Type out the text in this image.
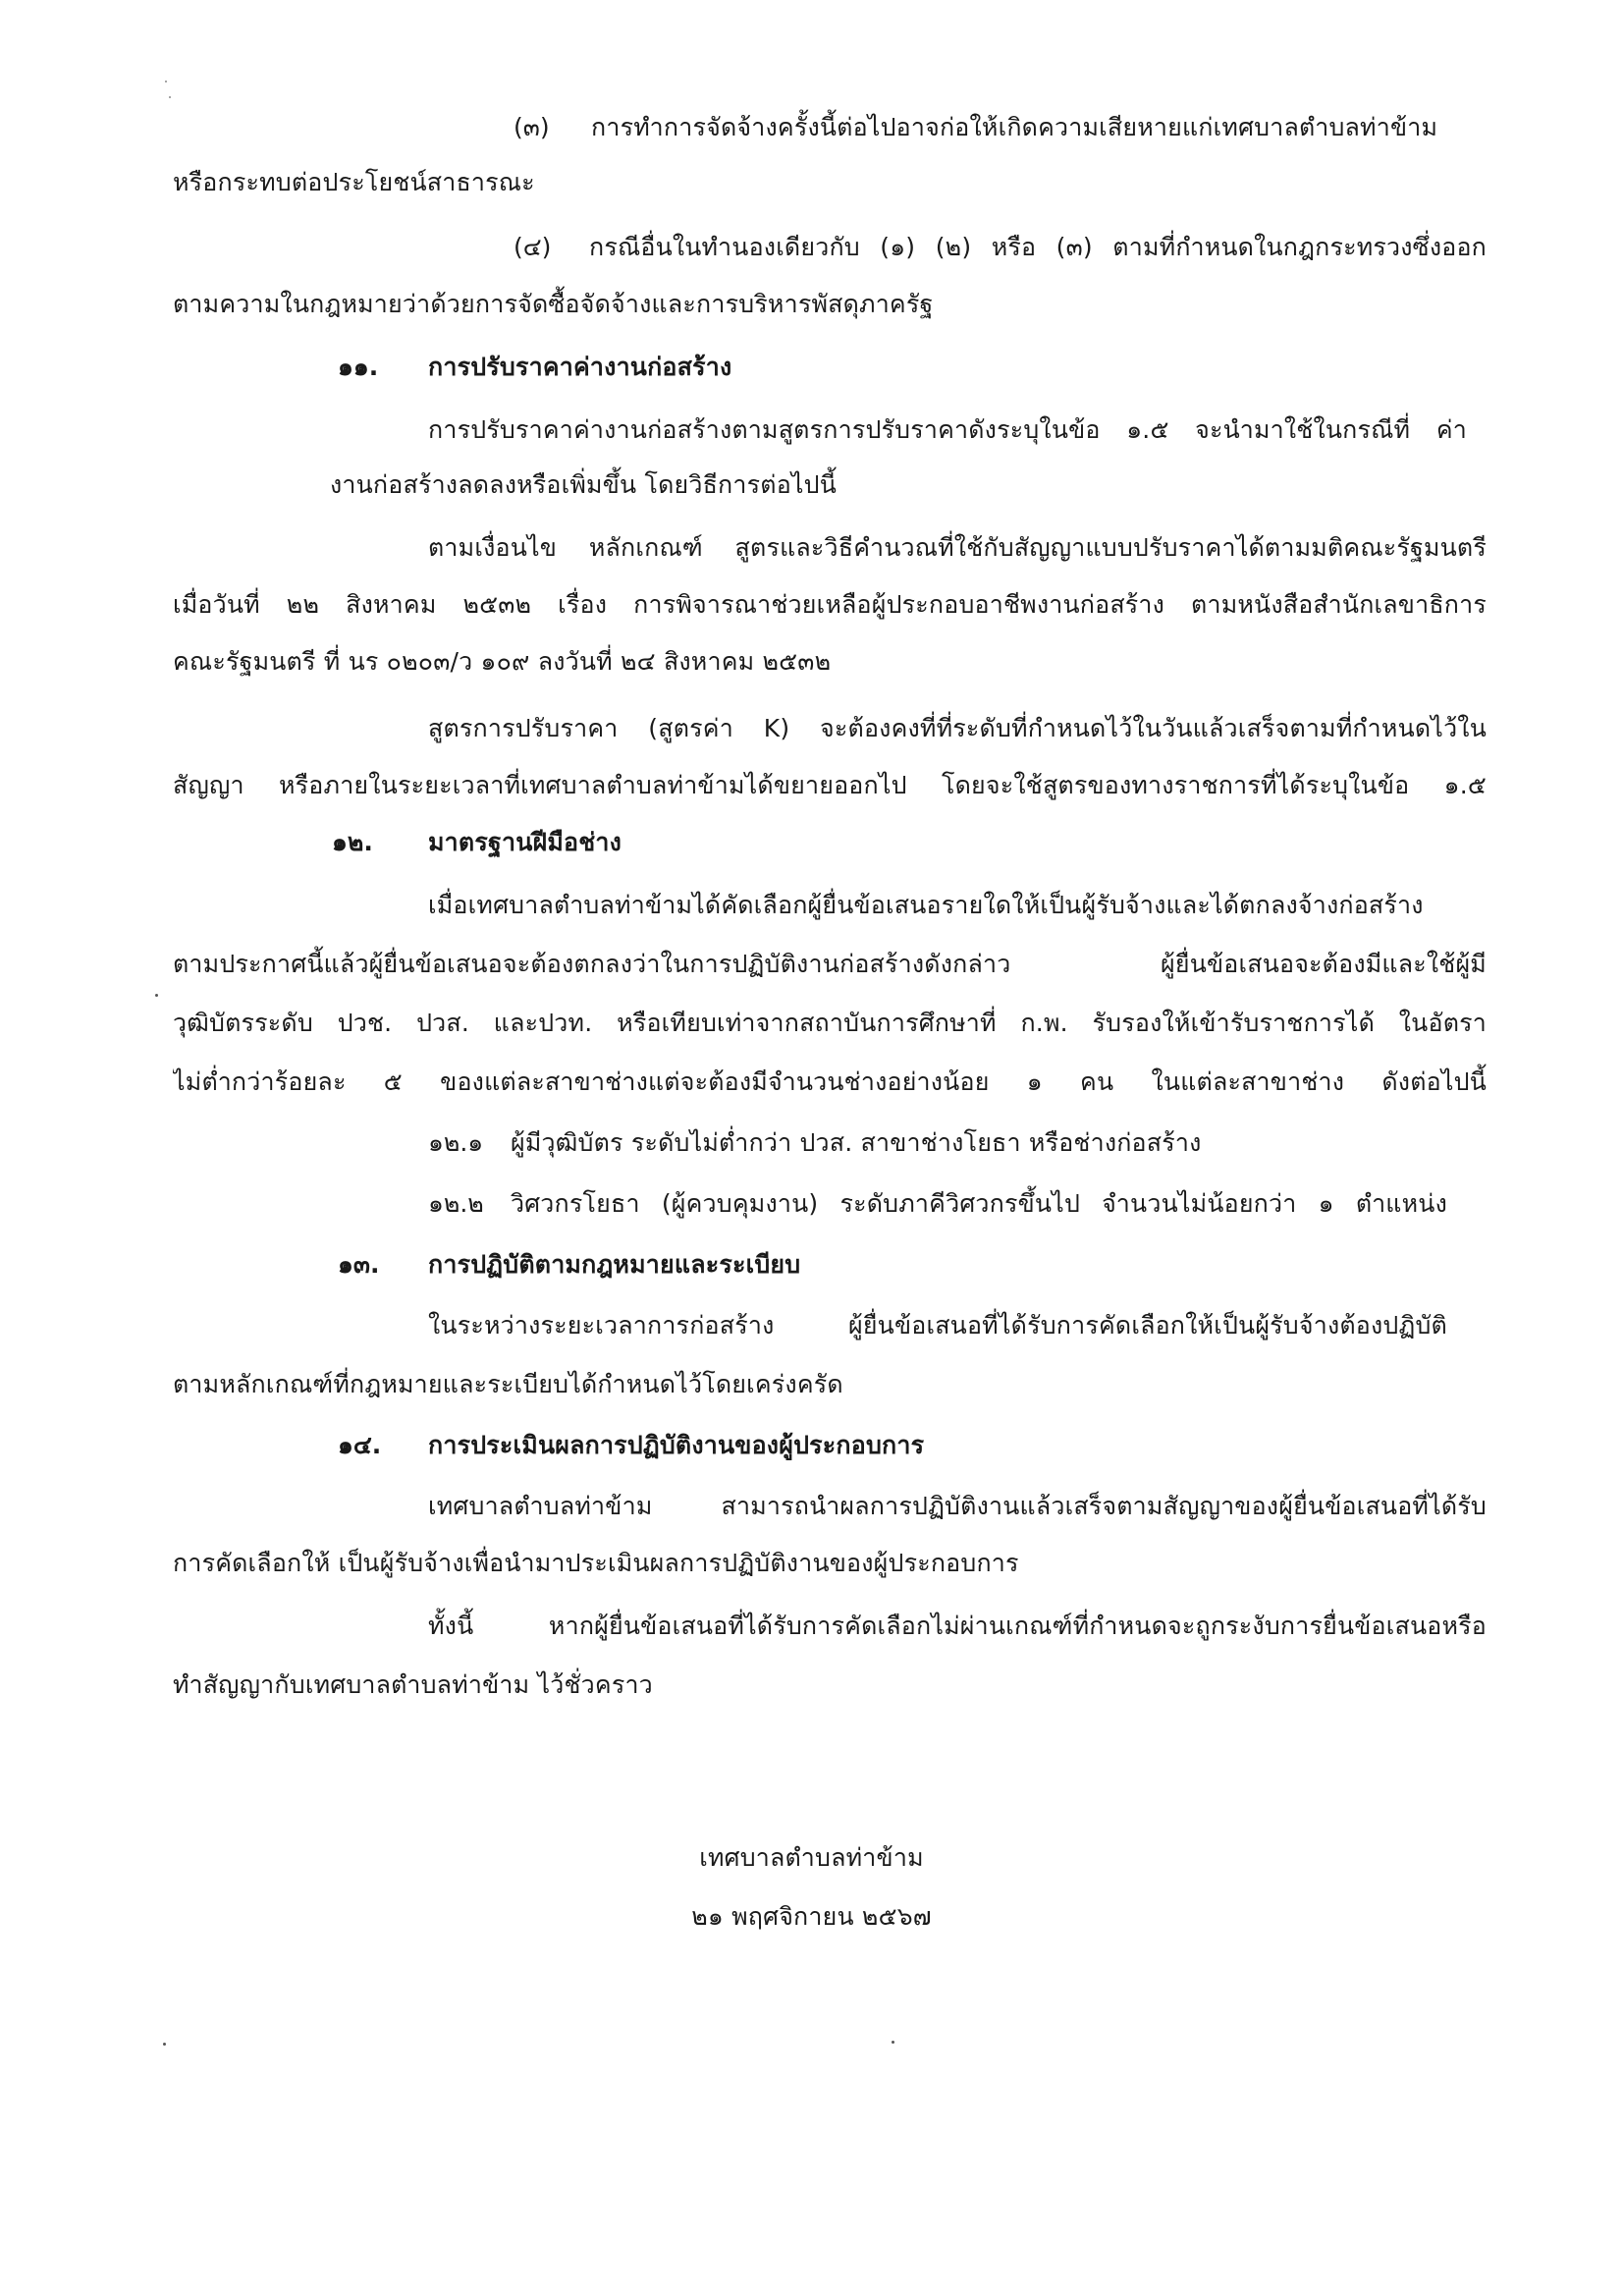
(๓) การทำการจัดจ้างครั้งนี้ต่อไปอาจก่อให้เกิดความเสียหายแก่เทศบาลตำบลท่าข้าม
หรือกระทบต่อประโยชน์สาธารณะ
(๔) กรณีอื่นในทำนองเดียวกับ (๑) (๒) หรือ (๓) ตามที่กำหนดในกฎกระทรวงซึ่งออก
ตามความในกฎหมายว่าด้วยการจัดซื้อจัดจ้างและการบริหารพัสดุภาครัฐ
๑๑. การปรับราคาค่างานก่อสร้าง
การปรับราคาค่างานก่อสร้างตามสูตรการปรับราคาดังระบุในข้อ ๑.๕ จะนำมาใช้ในกรณีที่ ค่า
งานก่อสร้างลดลงหรือเพิ่มขึ้น โดยวิธีการต่อไปนี้
ตามเงื่อนไข หลักเกณฑ์ สูตรและวิธีคำนวณที่ใช้กับสัญญาแบบปรับราคาได้ตามมติคณะรัฐมนตรี
เมื่อวันที่ ๒๒ สิงหาคม ๒๕๓๒ เรื่อง การพิจารณาช่วยเหลือผู้ประกอบอาชีพงานก่อสร้าง ตามหนังสือสำนักเลขาธิการ
คณะรัฐมนตรี ที่ นร ๐๒๐๓/ว ๑๐๙ ลงวันที่ ๒๔ สิงหาคม ๒๕๓๒
สูตรการปรับราคา (สูตรค่า K) จะต้องคงที่ที่ระดับที่กำหนดไว้ในวันแล้วเสร็จตามที่กำหนดไว้ใน
สัญญา หรือภายในระยะเวลาที่เทศบาลตำบลท่าข้ามได้ขยายออกไป โดยจะใช้สูตรของทางราชการที่ได้ระบุในข้อ ๑.๕
๑๒. มาตรฐานฝีมือช่าง
เมื่อเทศบาลตำบลท่าข้ามได้คัดเลือกผู้ยื่นข้อเสนอรายใดให้เป็นผู้รับจ้างและได้ตกลงจ้างก่อสร้าง
ตามประกาศนี้แล้วผู้ยื่นข้อเสนอจะต้องตกลงว่าในการปฏิบัติงานก่อสร้างดังกล่าว ผู้ยื่นข้อเสนอจะต้องมีและใช้ผู้มี
วุฒิบัตรระดับ ปวช. ปวส. และปวท. หรือเทียบเท่าจากสถาบันการศึกษาที่ ก.พ. รับรองให้เข้ารับราชการได้ ในอัตรา
ไม่ต่ำกว่าร้อยละ ๕ ของแต่ละสาขาช่างแต่จะต้องมีจำนวนช่างอย่างน้อย ๑ คน ในแต่ละสาขาช่าง ดังต่อไปนี้
๑๒.๑ ผู้มีวุฒิบัตร ระดับไม่ต่ำกว่า ปวส. สาขาช่างโยธา หรือช่างก่อสร้าง
๑๒.๒ วิศวกรโยธา (ผู้ควบคุมงาน) ระดับภาคีวิศวกรขึ้นไป จำนวนไม่น้อยกว่า ๑ ตำแหน่ง
๑๓. การปฏิบัติตามกฎหมายและระเบียบ
ในระหว่างระยะเวลาการก่อสร้าง ผู้ยื่นข้อเสนอที่ได้รับการคัดเลือกให้เป็นผู้รับจ้างต้องปฏิบัติ
ตามหลักเกณฑ์ที่กฎหมายและระเบียบได้กำหนดไว้โดยเคร่งครัด
๑๔. การประเมินผลการปฏิบัติงานของผู้ประกอบการ
เทศบาลตำบลท่าข้าม สามารถนำผลการปฏิบัติงานแล้วเสร็จตามสัญญาของผู้ยื่นข้อเสนอที่ได้รับ
การคัดเลือกให้ เป็นผู้รับจ้างเพื่อนำมาประเมินผลการปฏิบัติงานของผู้ประกอบการ
ทั้งนี้ หากผู้ยื่นข้อเสนอที่ได้รับการคัดเลือกไม่ผ่านเกณฑ์ที่กำหนดจะถูกระงับการยื่นข้อเสนอหรือ
ทำสัญญากับเทศบาลตำบลท่าข้าม ไว้ชั่วคราว
เทศบาลตำบลท่าข้าม
๒๑ พฤศจิกายน ๒๕๖๗
